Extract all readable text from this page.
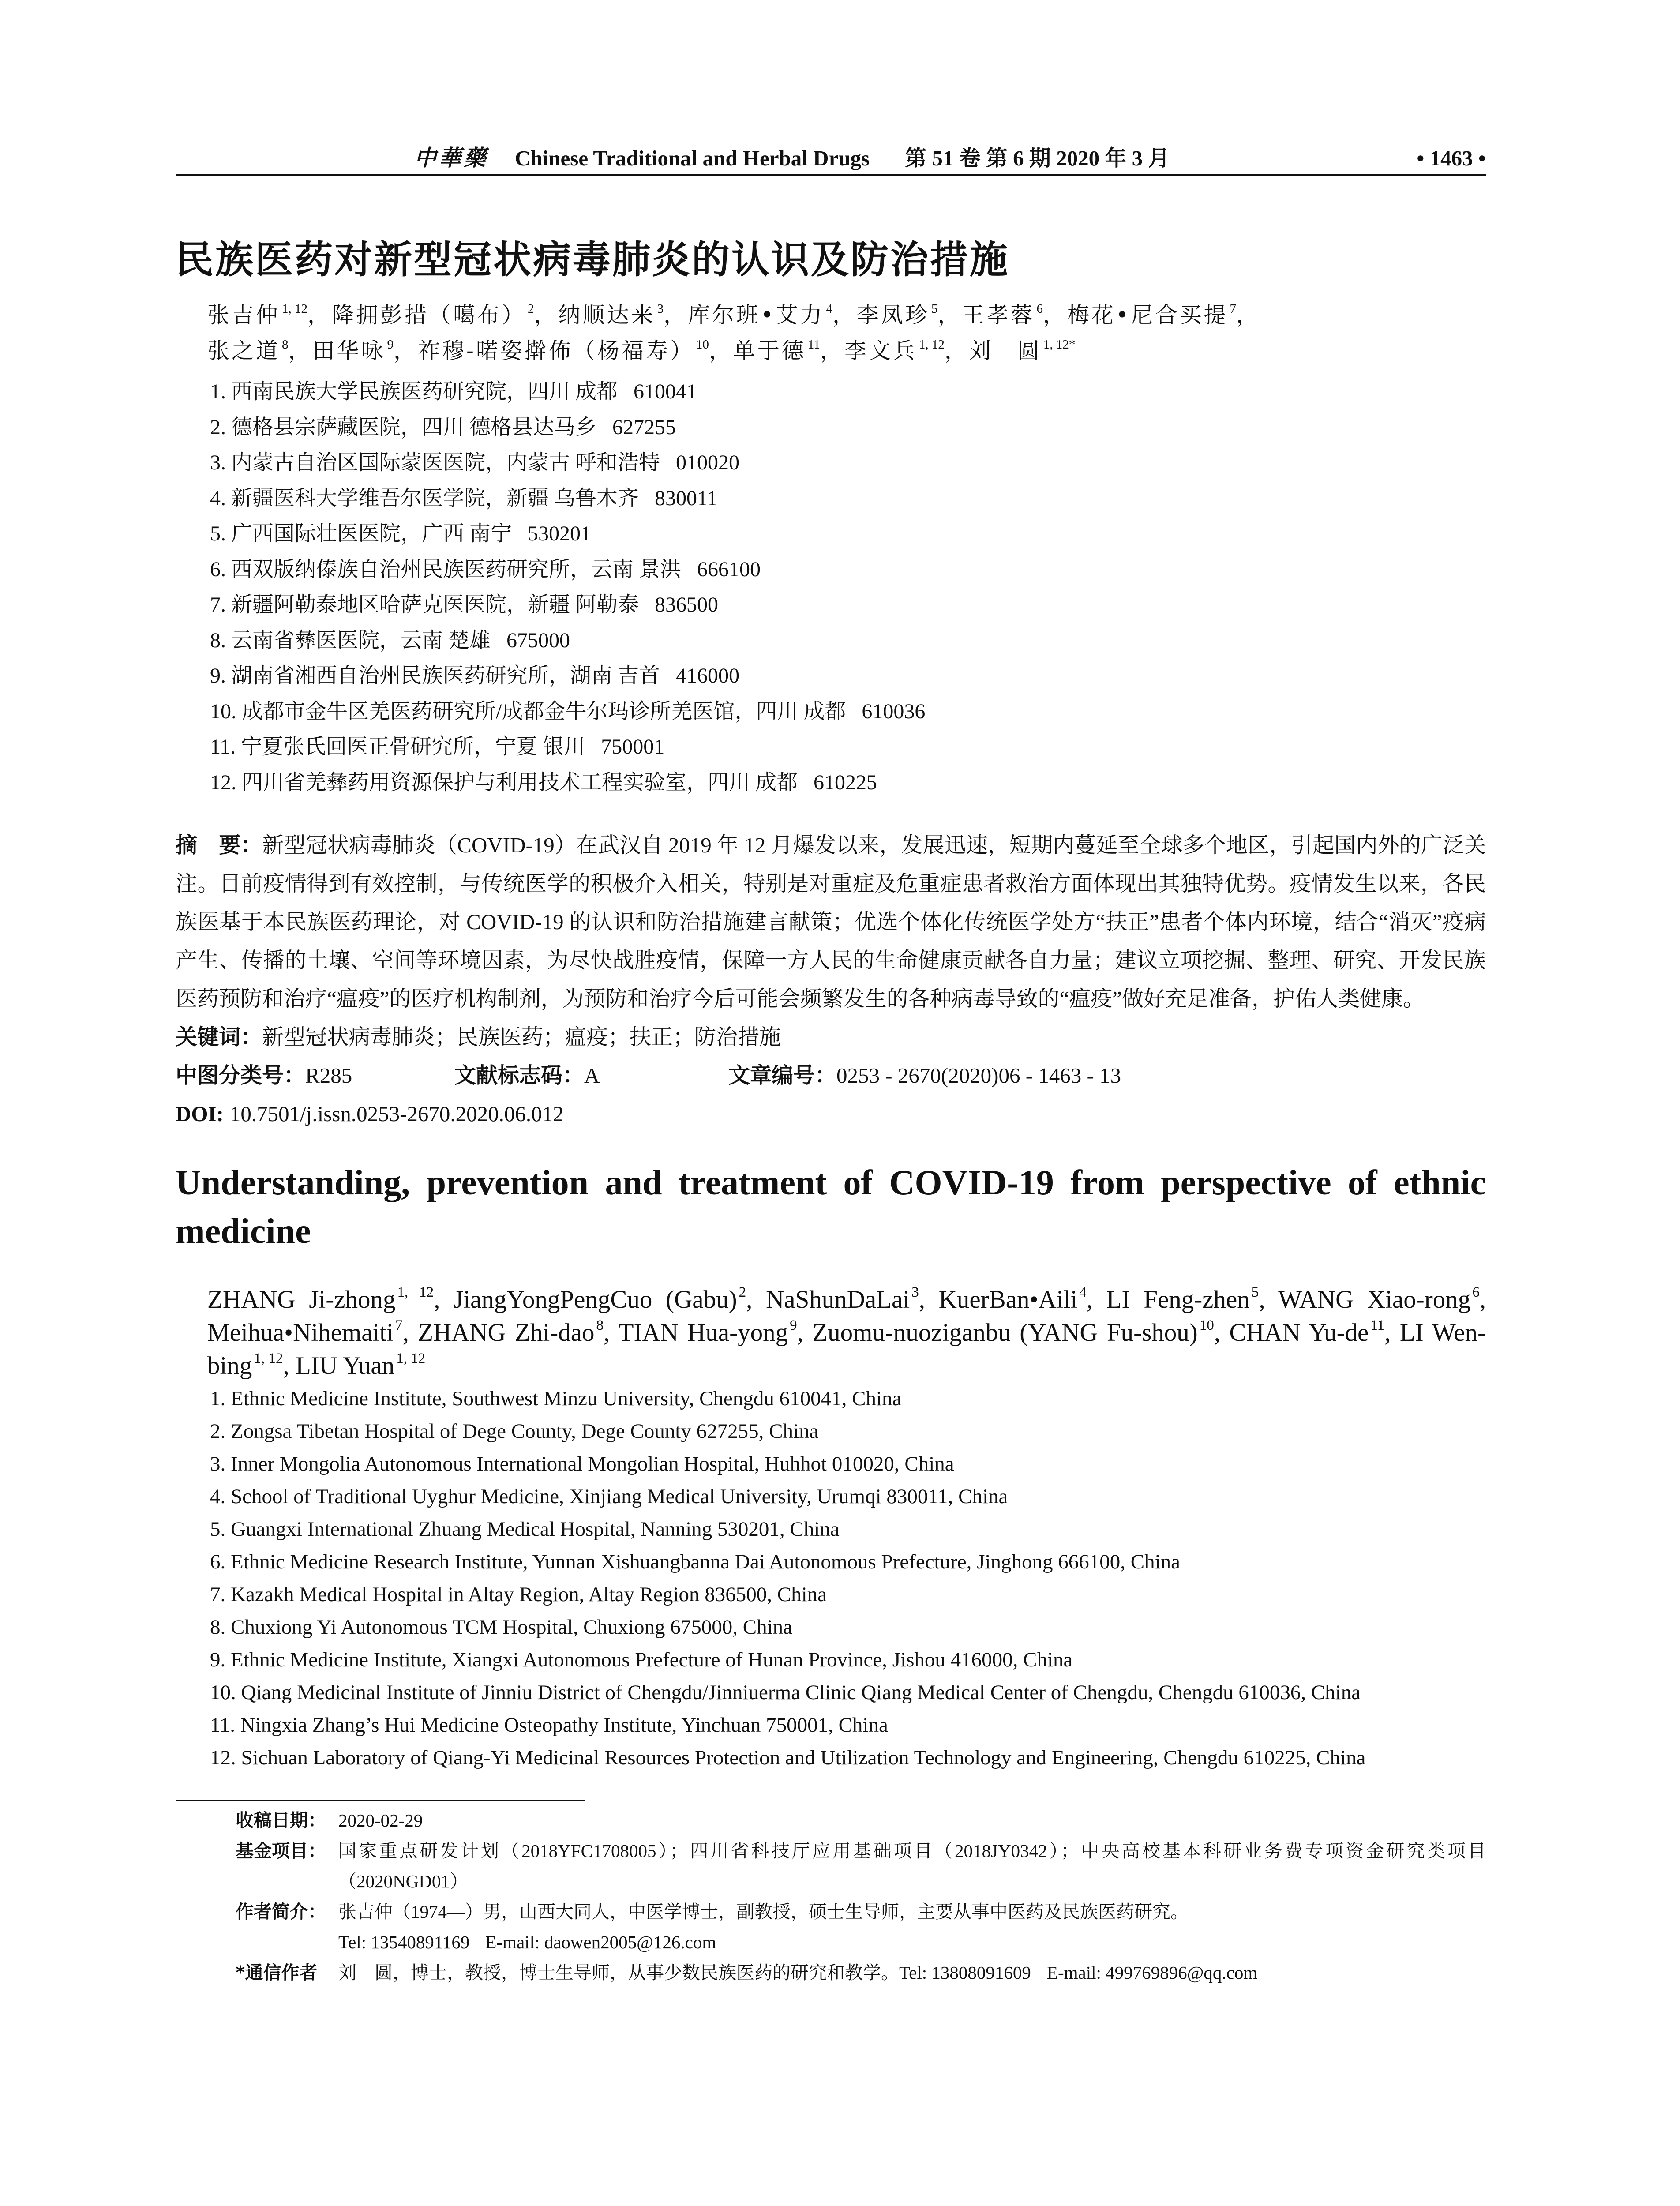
中華藥 Chinese Traditional and Herbal Drugs 第 51 卷 第 6 期 2020 年 3 月	• 1463 •
民族医药对新型冠状病毒肺炎的认识及防治措施
张吉仲 $^{1, 12}$，降拥彭措（噶布） $^2$，纳顺达来 $^3$，库尔班•艾力 $^4$，李凤珍 $^5$，王孝蓉 $^6$，梅花•尼合买提 $^7$，
张之道 $^8$，田华咏 $^9$，祚穆-喏姿擀佈（杨福寿） $^{10}$，单于德 $^{11}$，李文兵 $^{1, 12}$，刘　圆 $^{1, 12*}$
1. 西南民族大学民族医药研究院，四川 成都   610041
2. 德格县宗萨藏医院，四川 德格县达马乡   627255
3. 内蒙古自治区国际蒙医医院，内蒙古 呼和浩特   010020
4. 新疆医科大学维吾尔医学院，新疆 乌鲁木齐   830011
5. 广西国际壮医医院，广西 南宁   530201
6. 西双版纳傣族自治州民族医药研究所，云南 景洪   666100
7. 新疆阿勒泰地区哈萨克医医院，新疆 阿勒泰   836500
8. 云南省彝医医院，云南 楚雄   675000
9. 湖南省湘西自治州民族医药研究所，湖南 吉首   416000
10. 成都市金牛区羌医药研究所/成都金牛尔玛诊所羌医馆，四川 成都   610036
11. 宁夏张氏回医正骨研究所，宁夏 银川   750001
12. 四川省羌彝药用资源保护与利用技术工程实验室，四川 成都   610225

摘　要：新型冠状病毒肺炎（COVID-19）在武汉自 2019 年 12 月爆发以来，发展迅速，短期内蔓延至全球多个地区，引起国内外的广泛关注。目前疫情得到有效控制，与传统医学的积极介入相关，特别是对重症及危重症患者救治方面体现出其独特优势。疫情发生以来，各民族医基于本民族医药理论，对 COVID-19 的认识和防治措施建言献策；优选个体化传统医学处方“扶正”患者个体内环境，结合“消灭”疫病产生、传播的土壤、空间等环境因素，为尽快战胜疫情，保障一方人民的生命健康贡献各自力量；建议立项挖掘、整理、研究、开发民族医药预防和治疗“瘟疫”的医疗机构制剂，为预防和治疗今后可能会频繁发生的各种病毒导致的“瘟疫”做好充足准备，护佑人类健康。

关键词：新型冠状病毒肺炎；民族医药；瘟疫；扶正；防治措施
中图分类号：R285	文献标志码：A	文章编号：0253 - 2670(2020)06 - 1463 - 13
DOI: 10.7501/j.issn.0253-2670.2020.06.012
Understanding, prevention and treatment of COVID-19 from perspective of ethnic medicine
ZHANG Ji-zhong $^{1, 12}$, JiangYongPengCuo (Gabu) $^2$, NaShunDaLai $^3$, KuerBan•Aili $^4$, LI Feng-zhen $^5$, WANG Xiao-rong $^6$, Meihua•Nihemaiti $^7$, ZHANG Zhi-dao $^8$, TIAN Hua-yong $^9$, Zuomu-nuoziganbu (YANG Fu-shou) $^{10}$, CHAN Yu-de $^{11}$, LI Wen-bing $^{1, 12}$, LIU Yuan $^{1, 12}$
1. Ethnic Medicine Institute, Southwest Minzu University, Chengdu 610041, China
2. Zongsa Tibetan Hospital of Dege County, Dege County 627255, China
3. Inner Mongolia Autonomous International Mongolian Hospital, Huhhot 010020, China
4. School of Traditional Uyghur Medicine, Xinjiang Medical University, Urumqi 830011, China
5. Guangxi International Zhuang Medical Hospital, Nanning 530201, China
6. Ethnic Medicine Research Institute, Yunnan Xishuangbanna Dai Autonomous Prefecture, Jinghong 666100, China
7. Kazakh Medical Hospital in Altay Region, Altay Region 836500, China
8. Chuxiong Yi Autonomous TCM Hospital, Chuxiong 675000, China
9. Ethnic Medicine Institute, Xiangxi Autonomous Prefecture of Hunan Province, Jishou 416000, China
10. Qiang Medicinal Institute of Jinniu District of Chengdu/Jinniuerma Clinic Qiang Medical Center of Chengdu, Chengdu 610036, China
11. Ningxia Zhang’s Hui Medicine Osteopathy Institute, Yinchuan 750001, China
12. Sichuan Laboratory of Qiang-Yi Medicinal Resources Protection and Utilization Technology and Engineering, Chengdu 610225, China
收稿日期： 2020-02-29
基金项目： 国家重点研发计划（2018YFC1708005）；四川省科技厅应用基础项目（2018JY0342）；中央高校基本科研业务费专项资金研究类项目（2020NGD01）
作者简介： 张吉仲（1974—）男，山西大同人，中医学博士，副教授，硕士生导师，主要从事中医药及民族医药研究。
Tel: 13540891169 E-mail: daowen2005@126.com
*通信作者	刘　圆，博士，教授，博士生导师，从事少数民族医药的研究和教学。Tel: 13808091609 E-mail: 499769896@qq.com
